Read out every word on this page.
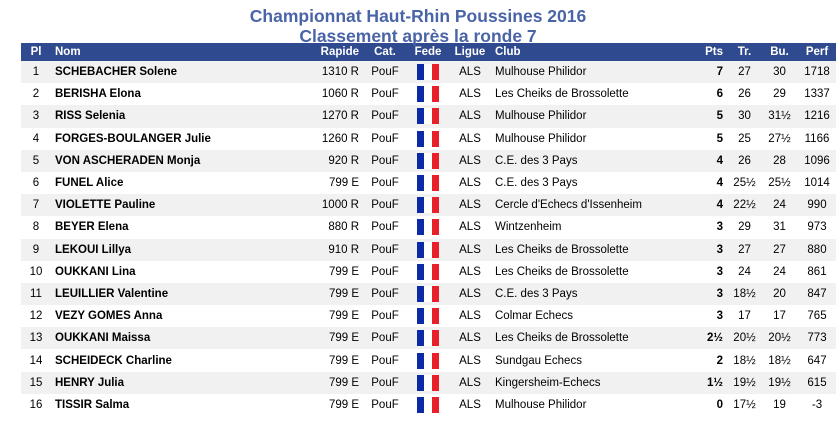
Championnat Haut-Rhin Poussines 2016
Classement après la ronde 7
Pl	Nom	Rapide	Cat.	Fede	Ligue	Club	Pts	Tr.	Bu.	Perf
1	SCHEBACHER Solene	1310 R	PouF		ALS	Mulhouse Philidor	7	27	30	1718
2	BERISHA Elona	1060 R	PouF		ALS	Les Cheiks de Brossolette	6	26	29	1337
3	RISS Selenia	1270 R	PouF		ALS	Mulhouse Philidor	5	30	31½	1216
4	FORGES-BOULANGER Julie	1260 R	PouF		ALS	Mulhouse Philidor	5	25	27½	1166
5	VON ASCHERADEN Monja	920 R	PouF		ALS	C.E. des 3 Pays	4	26	28	1096
6	FUNEL Alice	799 E	PouF		ALS	C.E. des 3 Pays	4	25½	25½	1014
7	VIOLETTE Pauline	1000 R	PouF		ALS	Cercle d'Echecs d'Issenheim	4	22½	24	990
8	BEYER Elena	880 R	PouF		ALS	Wintzenheim	3	29	31	973
9	LEKOUI Lillya	910 R	PouF		ALS	Les Cheiks de Brossolette	3	27	27	880
10	OUKKANI Lina	799 E	PouF		ALS	Les Cheiks de Brossolette	3	24	24	861
11	LEUILLIER Valentine	799 E	PouF		ALS	C.E. des 3 Pays	3	18½	20	847
12	VEZY GOMES Anna	799 E	PouF		ALS	Colmar Echecs	3	17	17	765
13	OUKKANI Maissa	799 E	PouF		ALS	Les Cheiks de Brossolette	2½	20½	20½	773
14	SCHEIDECK Charline	799 E	PouF		ALS	Sundgau Echecs	2	18½	18½	647
15	HENRY Julia	799 E	PouF		ALS	Kingersheim-Echecs	1½	19½	19½	615
16	TISSIR Salma	799 E	PouF		ALS	Mulhouse Philidor	0	17½	19	-3
